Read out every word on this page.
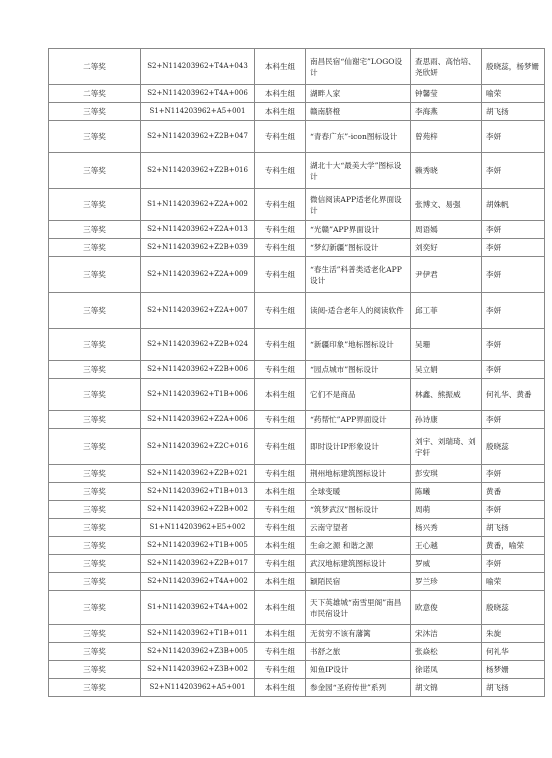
二等奖	S2+N114203962+T4A+043	本科生组	南昌民宿“仙谢宅”LOGO设计	查思雨、高怡培、尧欣妍	殷晓蕊，杨梦姗
二等奖	S2+N114203962+T4A+006	本科生组	湖畔人家	钟馨莹	喻荣
三等奖	S1+N114203962+A5+001	本科生组	赣南脐橙	李海燕	胡飞扬
三等奖	S2+N114203962+Z2B+047	专科生组	“青春广东”-icon图标设计	曾苑梓	李妍
三等奖	S2+N114203962+Z2B+016	专科生组	湖北十大“最美大学”图标设计	赖秀晓	李妍
三等奖	S1+N114203962+Z2A+002	专科生组	微信阅读APP适老化界面设计	张博文、易强	胡姝帆
三等奖	S2+N114203962+Z2A+013	专科生组	“光赣”APP界面设计	周语嫣	李妍
三等奖	S2+N114203962+Z2B+039	专科生组	“梦幻新疆”图标设计	刘奕好	李妍
三等奖	S2+N114203962+Z2A+009	专科生组	“春生活”科普类适老化APP设计	尹伊君	李妍
三等奖	S2+N114203962+Z2A+007	专科生组	读阅-适合老年人的阅读软件	邱工菲	李妍
三等奖	S2+N114203962+Z2B+024	专科生组	“新疆印象”地标图标设计	吴珊	李妍
三等奖	S2+N114203962+Z2B+006	专科生组	“园点城市”图标设计	吴立娟	李妍
三等奖	S2+N114203962+T1B+006	本科生组	它们不是商品	林鑫、熊振威	何礼华、黄番
三等奖	S2+N114203962+Z2A+006	专科生组	“药帮忙”APP界面设计	孙诗康	李妍
三等奖	S2+N114203962+Z2C+016	专科生组	即时设计IP形象设计	刘宇、刘瑞琦、刘宇轩	殷晓蕊
三等奖	S2+N114203962+Z2B+021	专科生组	荆州地标建筑图标设计	彭安琪	李妍
三等奖	S2+N114203962+T1B+013	本科生组	全球变暖	陈曦	黄番
三等奖	S2+N114203962+Z2B+002	专科生组	“筑梦武汉”图标设计	周萌	李妍
三等奖	S1+N114203962+E5+002	专科生组	云南守望者	杨兴秀	胡飞扬
三等奖	S2+N114203962+T1B+005	本科生组	生命之源 和谐之源	王心越	黄番，喻荣
三等奖	S2+N114203962+Z2B+017	专科生组	武汉地标建筑图标设计	罗威	李妍
三等奖	S2+N114203962+T4A+002	本科生组	颖陌民宿	罗兰珍	喻荣
三等奖	S1+N114203962+T4A+002	本科生组	天下英雄城“南雪里阁”南昌市民宿设计	欧意俊	殷晓蕊
三等奖	S2+N114203962+T1B+011	本科生组	无贫穷不该有藩篱	宋沐洁	朱旋
三等奖	S2+N114203962+Z3B+005	专科生组	书舒之旅	张焱松	何礼华
三等奖	S2+N114203962+Z3B+002	专科生组	知鱼IP设计	徐诺凤	杨梦姗
三等奖	S2+N114203962+A5+001	本科生组	参金园“圣府传世”系列	胡文锦	胡飞扬
